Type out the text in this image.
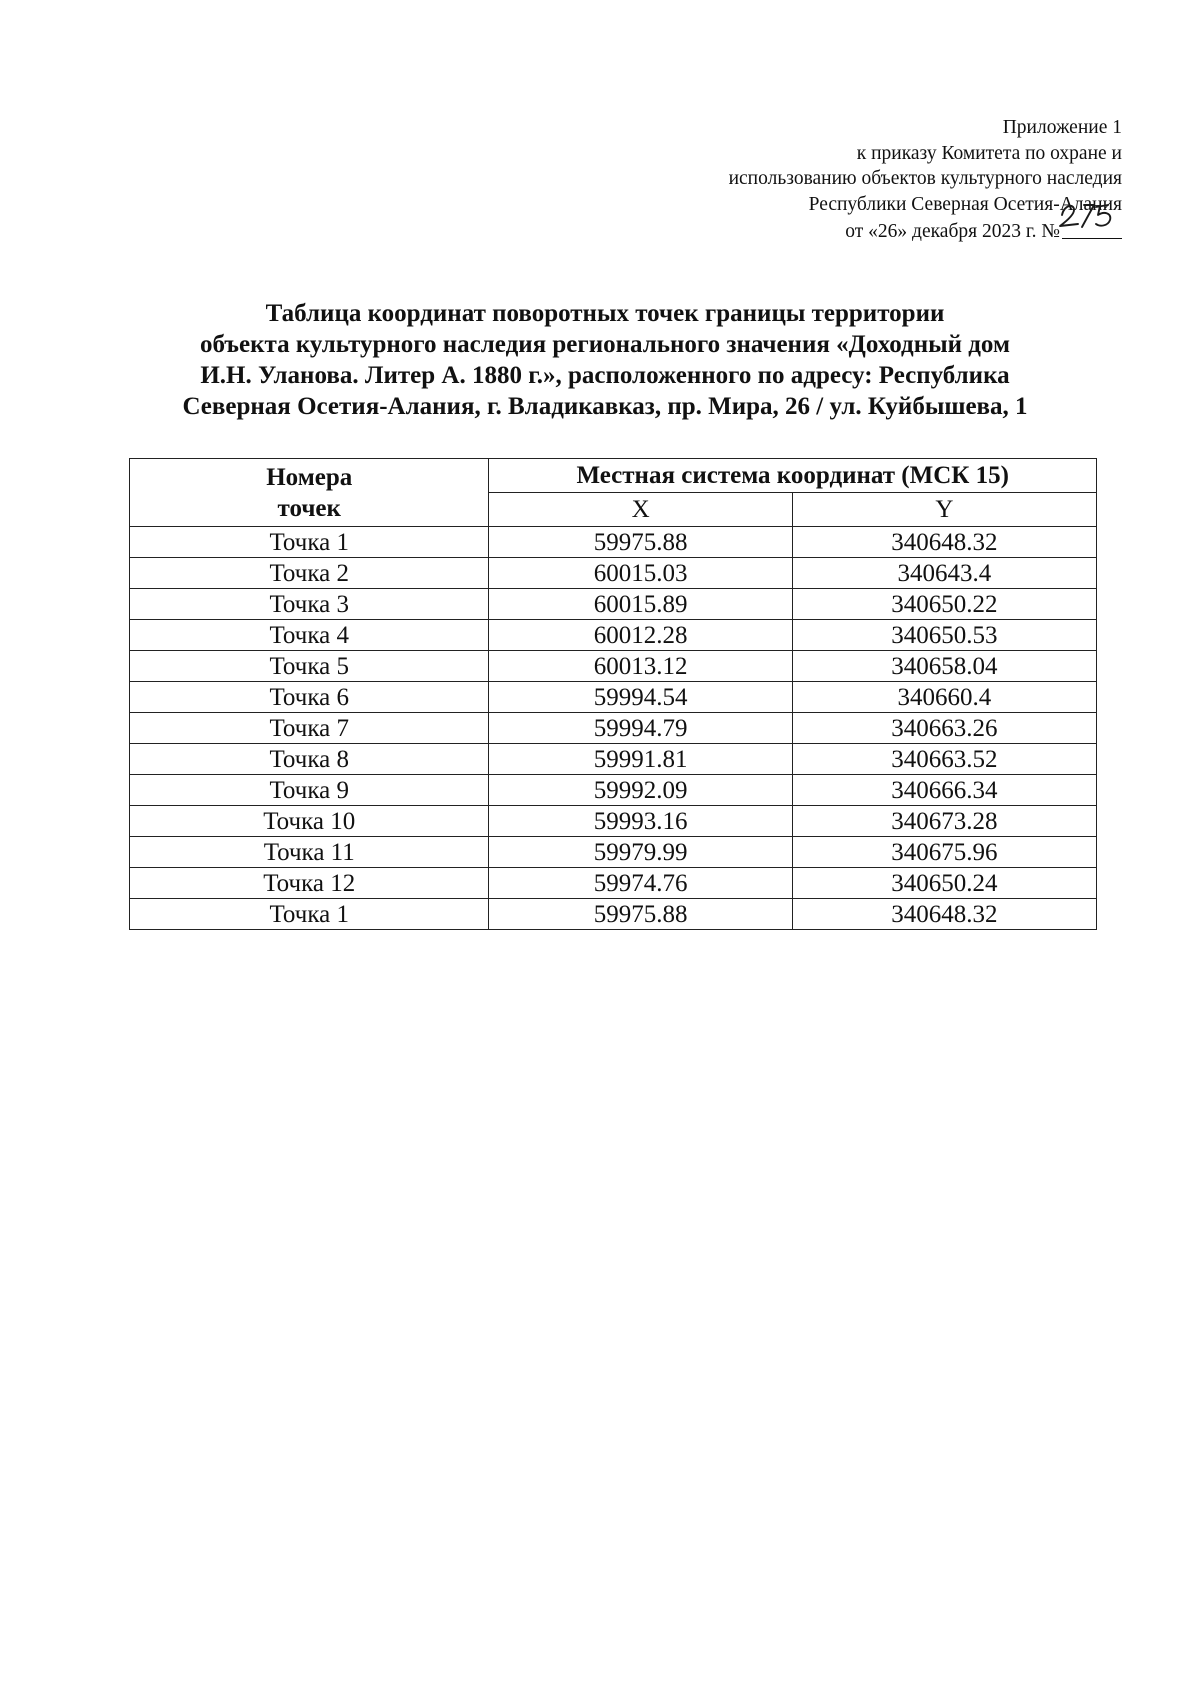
Приложение 1
к приказу Комитета по охране и
использованию объектов культурного наследия
Республики Северная Осетия-Алания
от «26» декабря 2023 г. №
Таблица координат поворотных точек границы территории
объекта культурного наследия регионального значения «Доходный дом
И.Н. Уланова. Литер А. 1880 г.», расположенного по адресу: Республика
Северная Осетия-Алания, г. Владикавказ, пр. Мира, 26 / ул. Куйбышева, 1
Номера точек	Местная система координат (МСК 15)	
	X	Y
Точка 1	59975.88	340648.32
Точка 2	60015.03	340643.4
Точка 3	60015.89	340650.22
Точка 4	60012.28	340650.53
Точка 5	60013.12	340658.04
Точка 6	59994.54	340660.4
Точка 7	59994.79	340663.26
Точка 8	59991.81	340663.52
Точка 9	59992.09	340666.34
Точка 10	59993.16	340673.28
Точка 11	59979.99	340675.96
Точка 12	59974.76	340650.24
Точка 1	59975.88	340648.32
